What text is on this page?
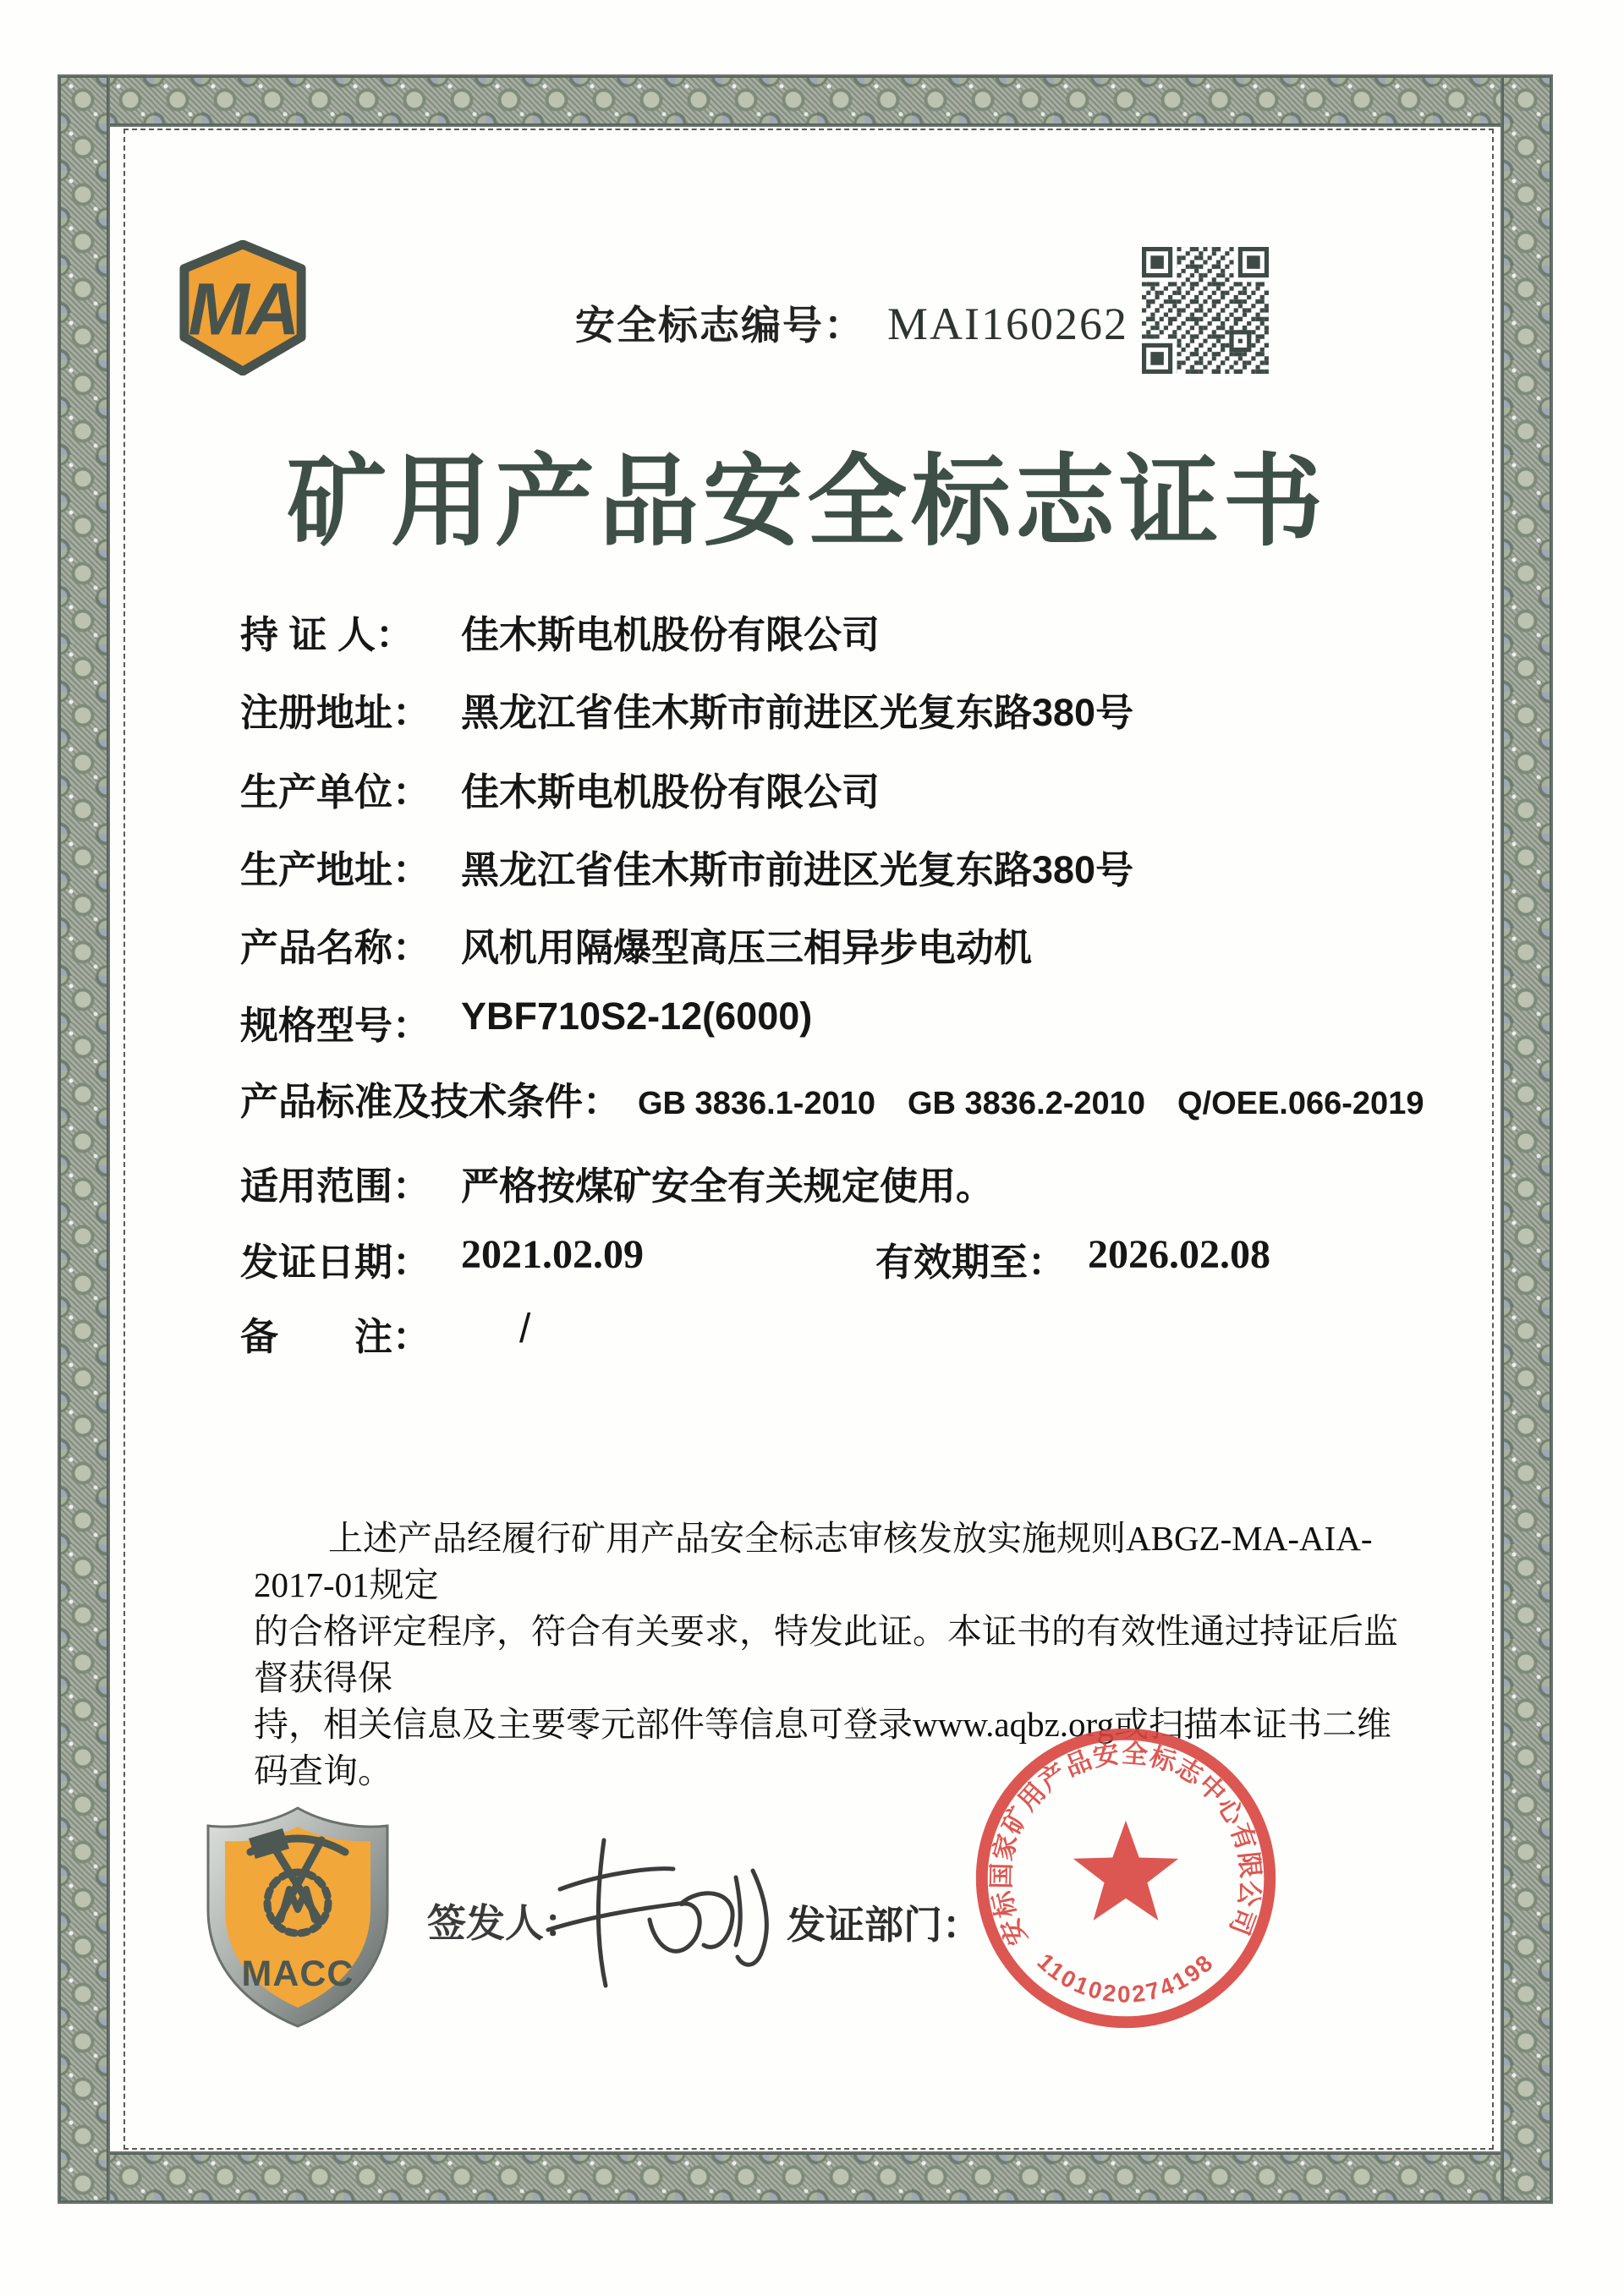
MA	安全标志编号： MAI160262
矿用产品安全标志证书
持 证 人： 佳木斯电机股份有限公司
注册地址： 黑龙江省佳木斯市前进区光复东路380号
生产单位： 佳木斯电机股份有限公司
生产地址： 黑龙江省佳木斯市前进区光复东路380号
产品名称： 风机用隔爆型高压三相异步电动机
规格型号： YBF710S2-12(6000)
产品标准及技术条件： GB 3836.1-2010　GB 3836.2-2010　Q/OEE.066-2019
适用范围： 严格按煤矿安全有关规定使用。
发证日期： 2021.02.09	有效期至： 2026.02.08
备　　注： /
上述产品经履行矿用产品安全标志审核发放实施规则ABGZ-MA-AIA-2017-01规定
的合格评定程序，符合有关要求，特发此证。本证书的有效性通过持证后监督获得保
持，相关信息及主要零元部件等信息可登录www.aqbz.org或扫描本证书二维码查询。
MACC
签发人：	发证部门： 安标国家矿用产品安全标志中心有限公司
1101020274198
